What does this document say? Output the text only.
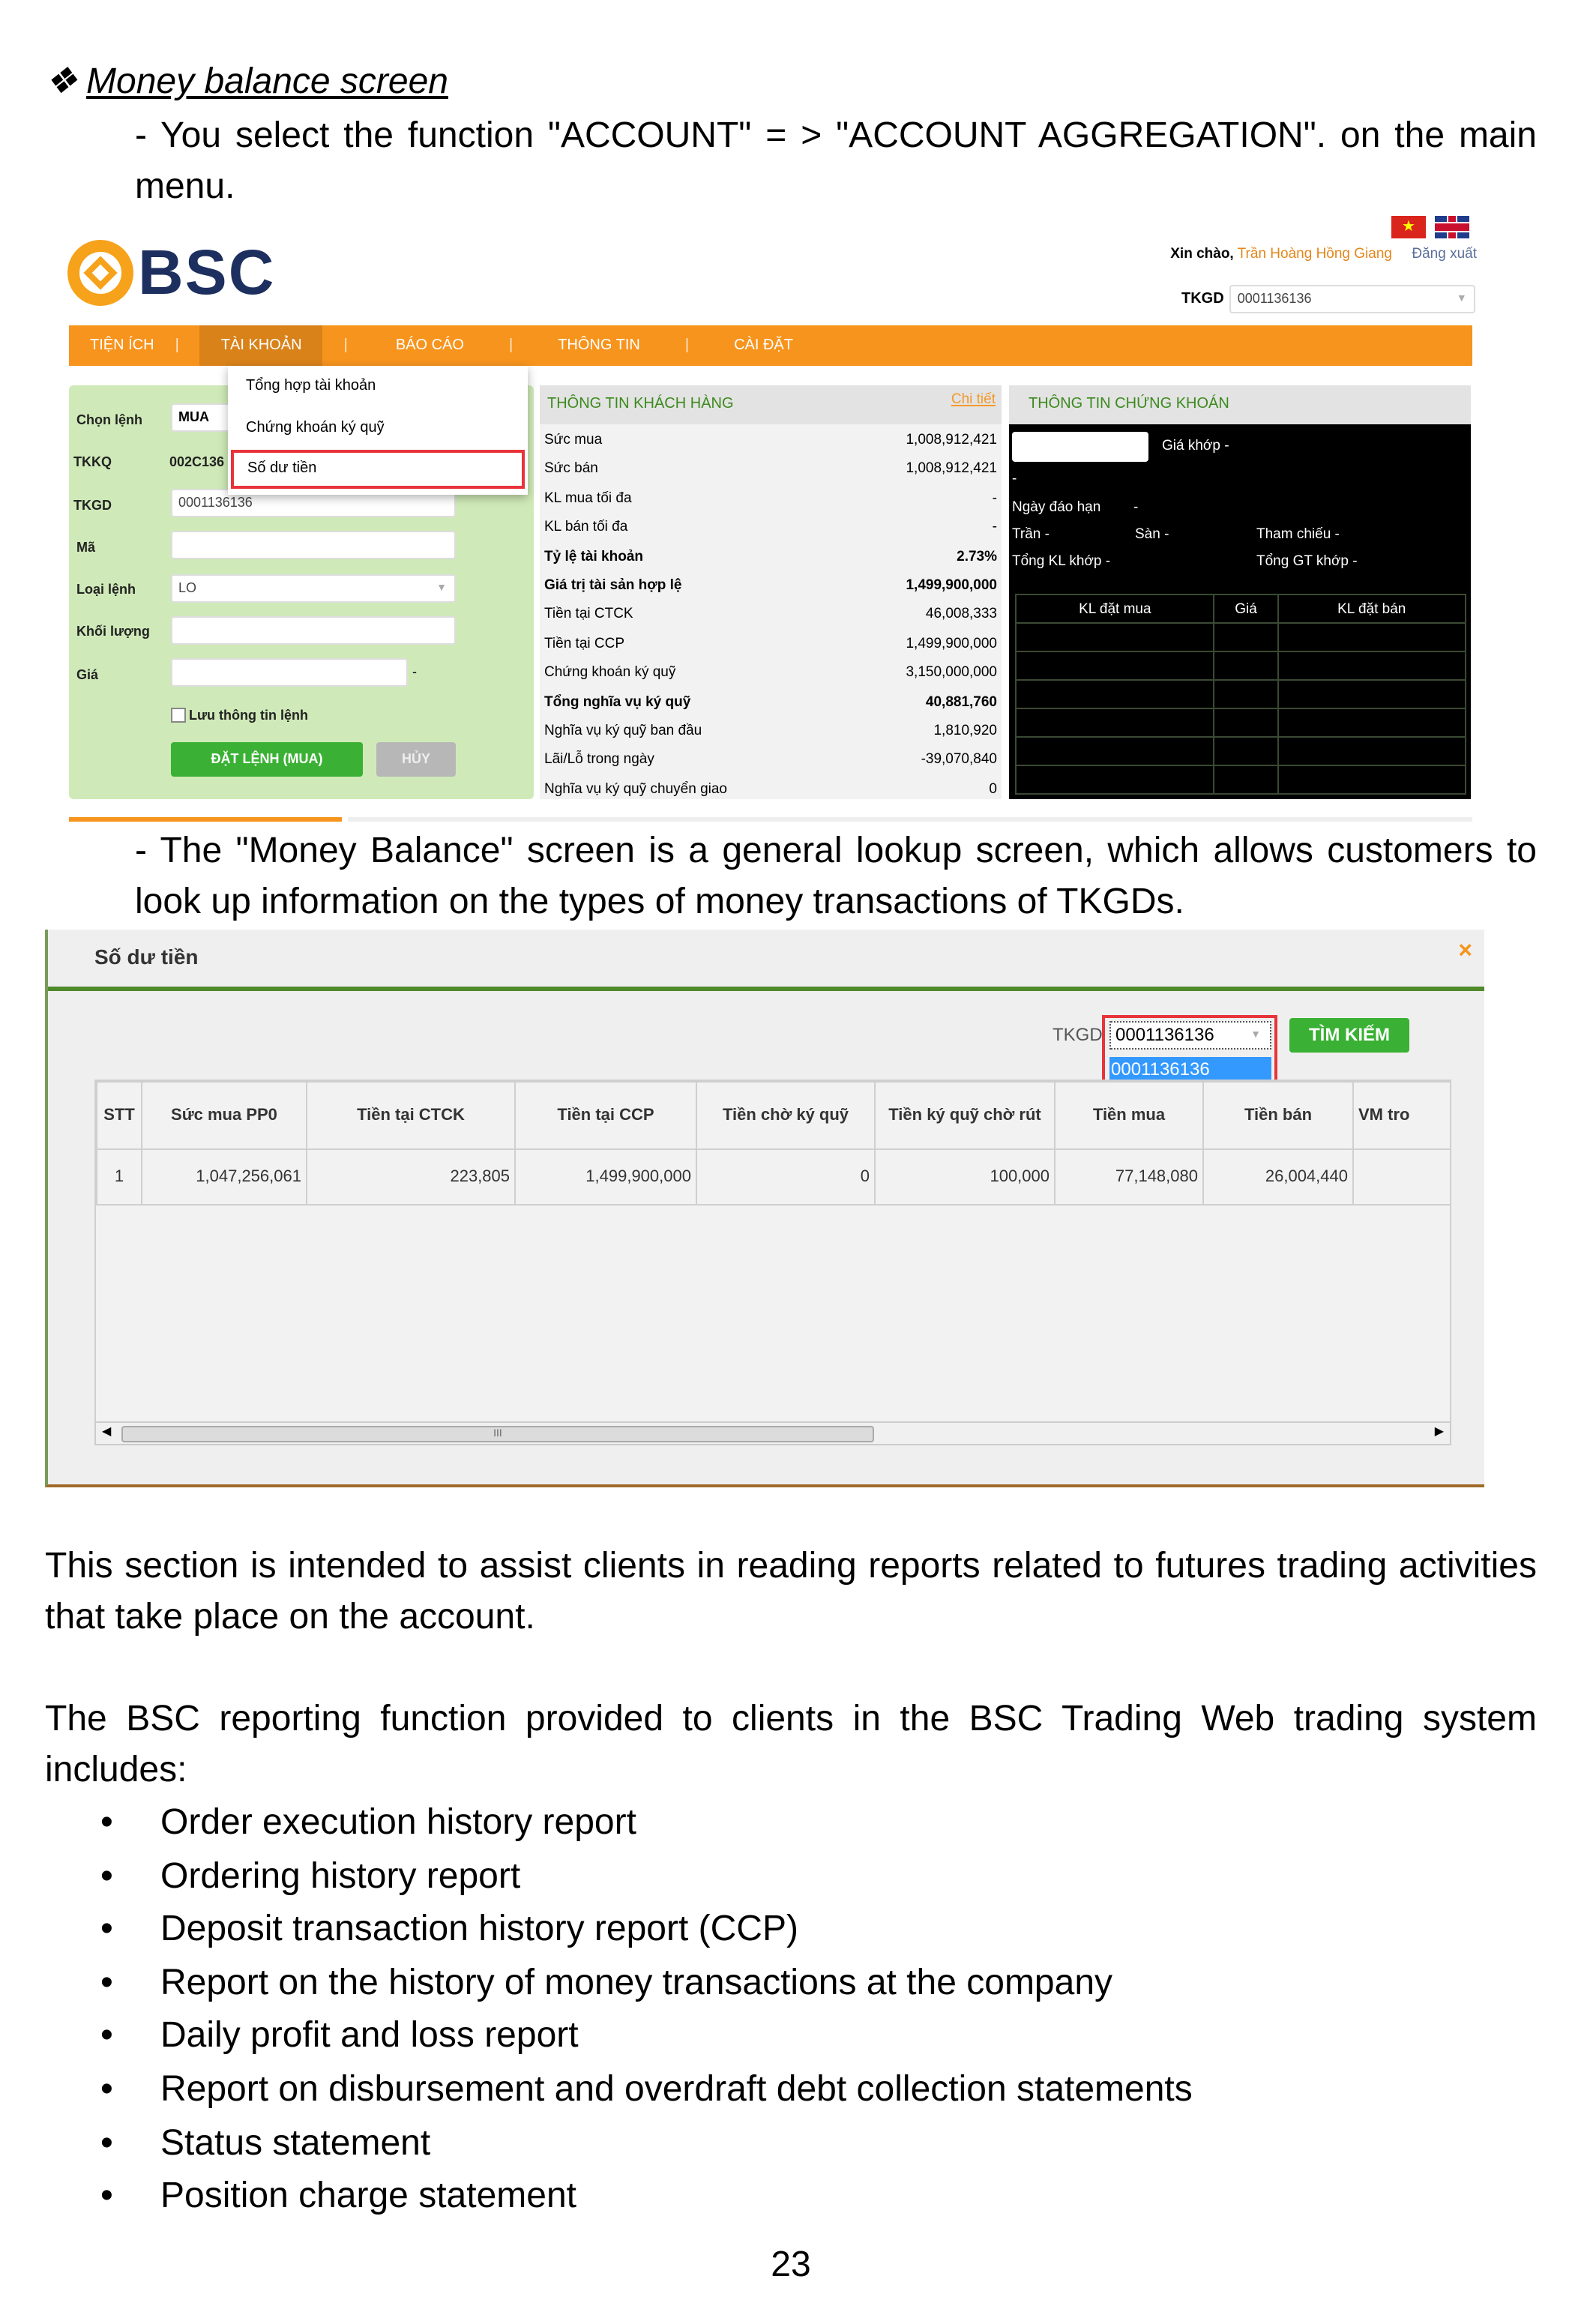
❖ Money balance screen
- You select the function "ACCOUNT" = > "ACCOUNT AGGREGATION". on the main menu.
★
BSC	Xin chào, Trần Hoàng Hồng Giang	Đăng xuất
TKGD	0001136136	▼
TIỆN ÍCH	|	TÀI KHOẢN	|	BÁO CÁO	|	THÔNG TIN	|	CÀI ĐẶT
Chọn lệnh	MUA
TKKQ	002C136
TKGD	0001136136
Mã
Loại lệnh	LO	▼
Khối lượng
Giá	-
Lưu thông tin lệnh
ĐẶT LỆNH (MUA)	HỦY
THÔNG TIN KHÁCH HÀNG	Chi tiết
Sức mua	1,008,912,421
Sức bán	1,008,912,421
KL mua tối đa	-
KL bán tối đa	-
Tỷ lệ tài khoản	2.73%
Giá trị tài sản hợp lệ	1,499,900,000
Tiền tại CTCK	46,008,333
Tiền tại CCP	1,499,900,000
Chứng khoán ký quỹ	3,150,000,000
Tổng nghĩa vụ ký quỹ	40,881,760
Nghĩa vụ ký quỹ ban đầu	1,810,920
Lãi/Lỗ trong ngày	-39,070,840
Nghĩa vụ ký quỹ chuyển giao	0
THÔNG TIN CHỨNG KHOÁN
Giá khớp -
-
Ngày đáo hạn	-
Trần -	Sàn -	Tham chiếu -
Tổng KL khớp -	Tổng GT khớp -
KL đặt mua	Giá	KL đặt bán

Tổng hợp tài khoản
Chứng khoán ký quỹ
Số dư tiền
- The "Money Balance" screen is a general lookup screen, which allows customers to look up information on the types of money transactions of TKGDs.
Số dư tiền	×
TKGD	0001136136	▼
0001136136
TÌM KIẾM
STT	Sức mua PP0	Tiền tại CTCK	Tiền tại CCP	Tiền chờ ký quỹ	Tiền ký quỹ chờ rút	Tiền mua	Tiền bán	VM tro
1	1,047,256,061	223,805	1,499,900,000	0	100,000	77,148,080	26,004,440	
◀	III	▶
This section is intended to assist clients in reading reports related to futures trading activities that take place on the account.
The BSC reporting function provided to clients in the BSC Trading Web trading system includes:
• Order execution history report
• Ordering history report
• Deposit transaction history report (CCP)
• Report on the history of money transactions at the company
• Daily profit and loss report
• Report on disbursement and overdraft debt collection statements
• Status statement
• Position charge statement
23
